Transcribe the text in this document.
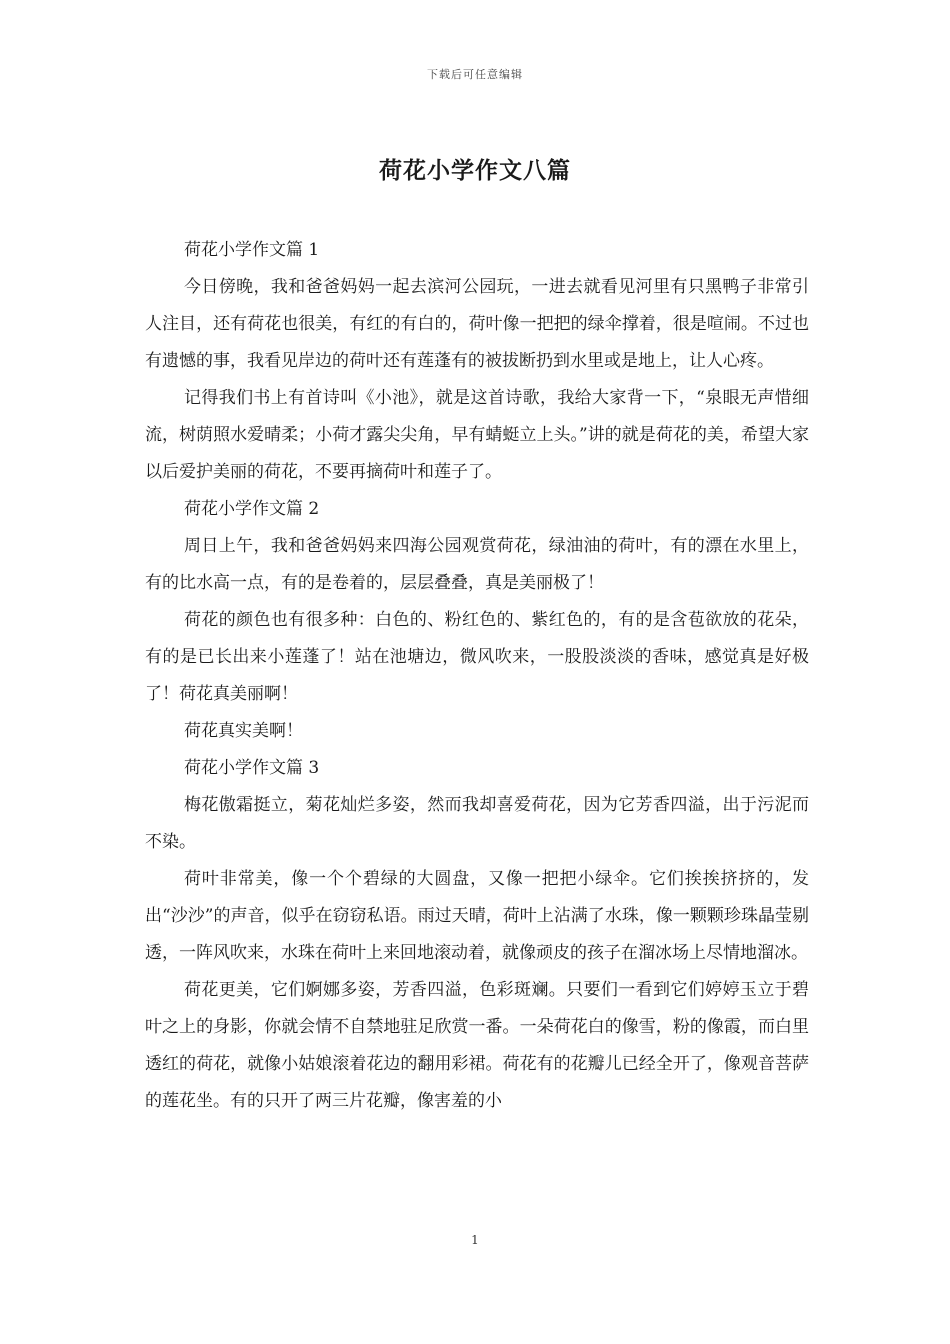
下载后可任意编辑
荷花小学作文八篇

荷花小学作文篇 1

今日傍晚，我和爸爸妈妈一起去滨河公园玩，一进去就看见河里有只黑鸭子非常引人注目，还有荷花也很美，有红的有白的，荷叶像一把把的绿伞撑着，很是喧闹。不过也有遗憾的事，我看见岸边的荷叶还有莲蓬有的被拔断扔到水里或是地上，让人心疼。

记得我们书上有首诗叫《小池》，就是这首诗歌，我给大家背一下，“泉眼无声惜细流，树荫照水爱晴柔；小荷才露尖尖角，早有蜻蜓立上头。”讲的就是荷花的美，希望大家以后爱护美丽的荷花，不要再摘荷叶和莲子了。

荷花小学作文篇 2

周日上午，我和爸爸妈妈来四海公园观赏荷花，绿油油的荷叶，有的漂在水里上，有的比水高一点，有的是卷着的，层层叠叠，真是美丽极了！

荷花的颜色也有很多种：白色的、粉红色的、紫红色的，有的是含苞欲放的花朵，有的是已长出来小莲蓬了！站在池塘边，微风吹来，一股股淡淡的香味，感觉真是好极了！荷花真美丽啊！

荷花真实美啊！

荷花小学作文篇 3

梅花傲霜挺立，菊花灿烂多姿，然而我却喜爱荷花，因为它芳香四溢，出于污泥而不染。

荷叶非常美，像一个个碧绿的大圆盘，又像一把把小绿伞。它们挨挨挤挤的，发出“沙沙”的声音，似乎在窃窃私语。雨过天晴，荷叶上沾满了水珠，像一颗颗珍珠晶莹剔透，一阵风吹来，水珠在荷叶上来回地滚动着，就像顽皮的孩子在溜冰场上尽情地溜冰。

荷花更美，它们婀娜多姿，芳香四溢，色彩斑斓。只要们一看到它们婷婷玉立于碧叶之上的身影，你就会情不自禁地驻足欣赏一番。一朵荷花白的像雪，粉的像霞，而白里透红的荷花，就像小姑娘滚着花边的翻用彩裙。荷花有的花瓣儿已经全开了，像观音菩萨的莲花坐。有的只开了两三片花瓣，像害羞的小

1
